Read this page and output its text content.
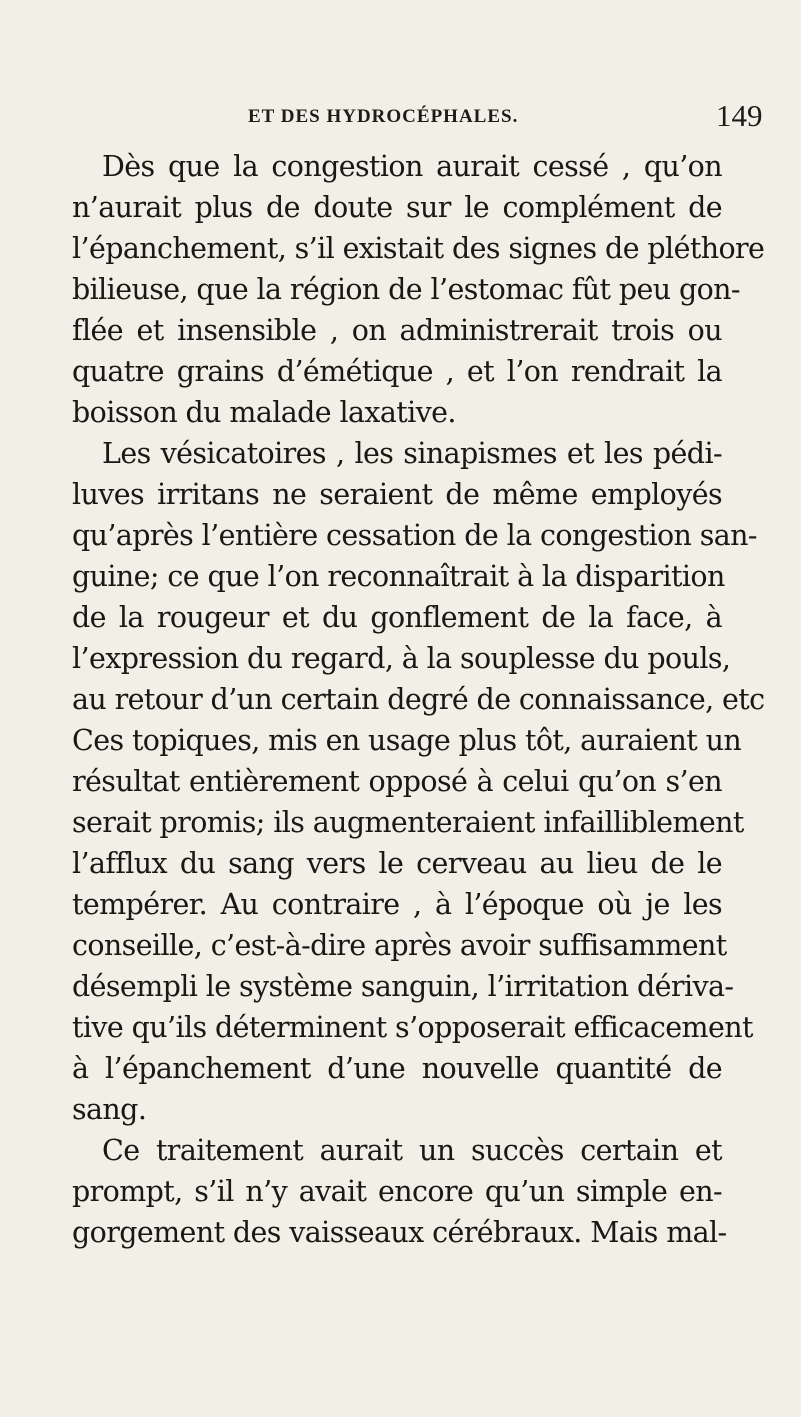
ET DES HYDROCÉPHALES.	149
Dès que la congestion aurait cessé , qu’on
n’aurait plus de doute sur le complément de
l’épanchement, s’il existait des signes de pléthore
bilieuse, que la région de l’estomac fût peu gon-
flée et insensible , on administrerait trois ou
quatre grains d’émétique , et l’on rendrait la
boisson du malade laxative.
Les vésicatoires , les sinapismes et les pédi-
luves irritans ne seraient de même employés
qu’après l’entière cessation de la congestion san-
guine; ce que l’on reconnaîtrait à la disparition
de la rougeur et du gonflement de la face, à
l’expression du regard, à la souplesse du pouls,
au retour d’un certain degré de connaissance, etc
Ces topiques, mis en usage plus tôt, auraient un
résultat entièrement opposé à celui qu’on s’en
serait promis; ils augmenteraient infailliblement
l’afflux du sang vers le cerveau au lieu de le
tempérer. Au contraire , à l’époque où je les
conseille, c’est-à-dire après avoir suffisamment
désempli le système sanguin, l’irritation dériva-
tive qu’ils déterminent s’opposerait efficacement
à l’épanchement d’une nouvelle quantité de
sang.
Ce traitement aurait un succès certain et
prompt, s’il n’y avait encore qu’un simple en-
gorgement des vaisseaux cérébraux. Mais mal-
